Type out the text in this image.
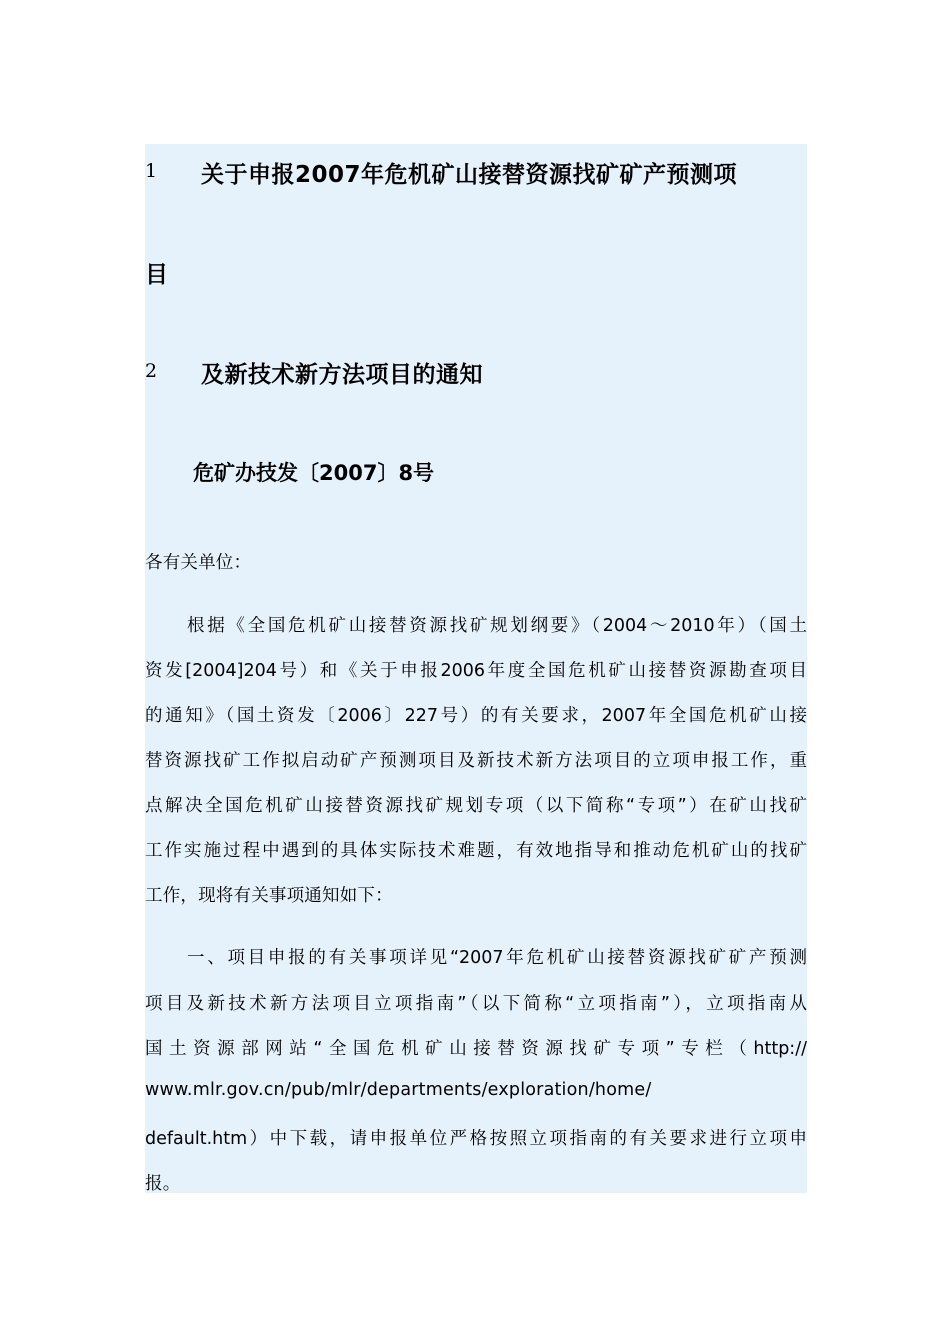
1 关于申报2007年危机矿山接替资源找矿矿产预测项
目
2 及新技术新方法项目的通知
危矿办技发〔2007〕8号
各有关单位：
根据《全国危机矿山接替资源找矿规划纲要》（2004～2010年）（国土
资发[2004]204号）和《关于申报2006年度全国危机矿山接替资源勘查项目
的通知》（国土资发〔2006〕227号）的有关要求，2007年全国危机矿山接
替资源找矿工作拟启动矿产预测项目及新技术新方法项目的立项申报工作，重
点解决全国危机矿山接替资源找矿规划专项（以下简称“专项”）在矿山找矿
工作实施过程中遇到的具体实际技术难题，有效地指导和推动危机矿山的找矿
工作，现将有关事项通知如下：
一、项目申报的有关事项详见“2007年危机矿山接替资源找矿矿产预测
项目及新技术新方法项目立项指南”（以下简称“立项指南”），立项指南从
国土资源部网站“全国危机矿山接替资源找矿专项”专栏（http://
www.mlr.gov.cn/pub/mlr/departments/exploration/home/
default.htm）中下载，请申报单位严格按照立项指南的有关要求进行立项申
报。
